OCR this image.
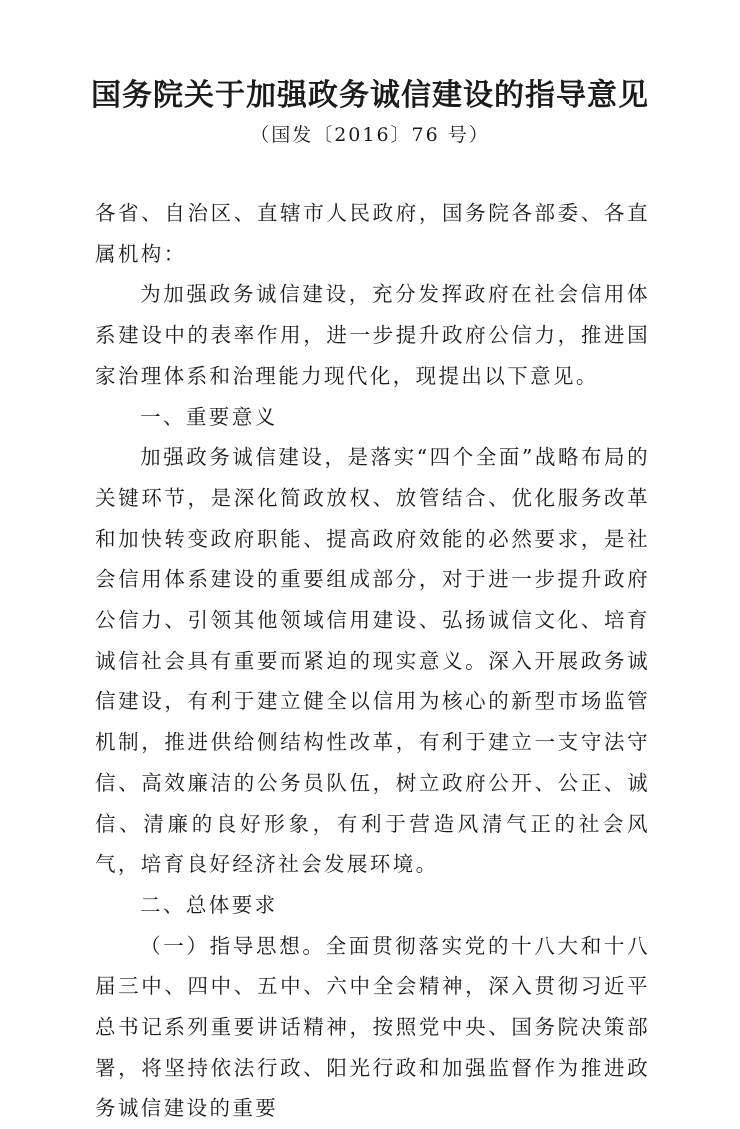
国务院关于加强政务诚信建设的指导意见
（国发〔2016〕76 号）

各省、自治区、直辖市人民政府，国务院各部委、各直属机构：

为加强政务诚信建设，充分发挥政府在社会信用体系建设中的表率作用，进一步提升政府公信力，推进国家治理体系和治理能力现代化，现提出以下意见。

一、重要意义

加强政务诚信建设，是落实“四个全面”战略布局的关键环节，是深化简政放权、放管结合、优化服务改革和加快转变政府职能、提高政府效能的必然要求，是社会信用体系建设的重要组成部分，对于进一步提升政府公信力、引领其他领域信用建设、弘扬诚信文化、培育诚信社会具有重要而紧迫的现实意义。深入开展政务诚信建设，有利于建立健全以信用为核心的新型市场监管机制，推进供给侧结构性改革，有利于建立一支守法守信、高效廉洁的公务员队伍，树立政府公开、公正、诚信、清廉的良好形象，有利于营造风清气正的社会风气，培育良好经济社会发展环境。

二、总体要求

（一）指导思想。全面贯彻落实党的十八大和十八届三中、四中、五中、六中全会精神，深入贯彻习近平总书记系列重要讲话精神，按照党中央、国务院决策部署，将坚持依法行政、阳光行政和加强监督作为推进政务诚信建设的重要
